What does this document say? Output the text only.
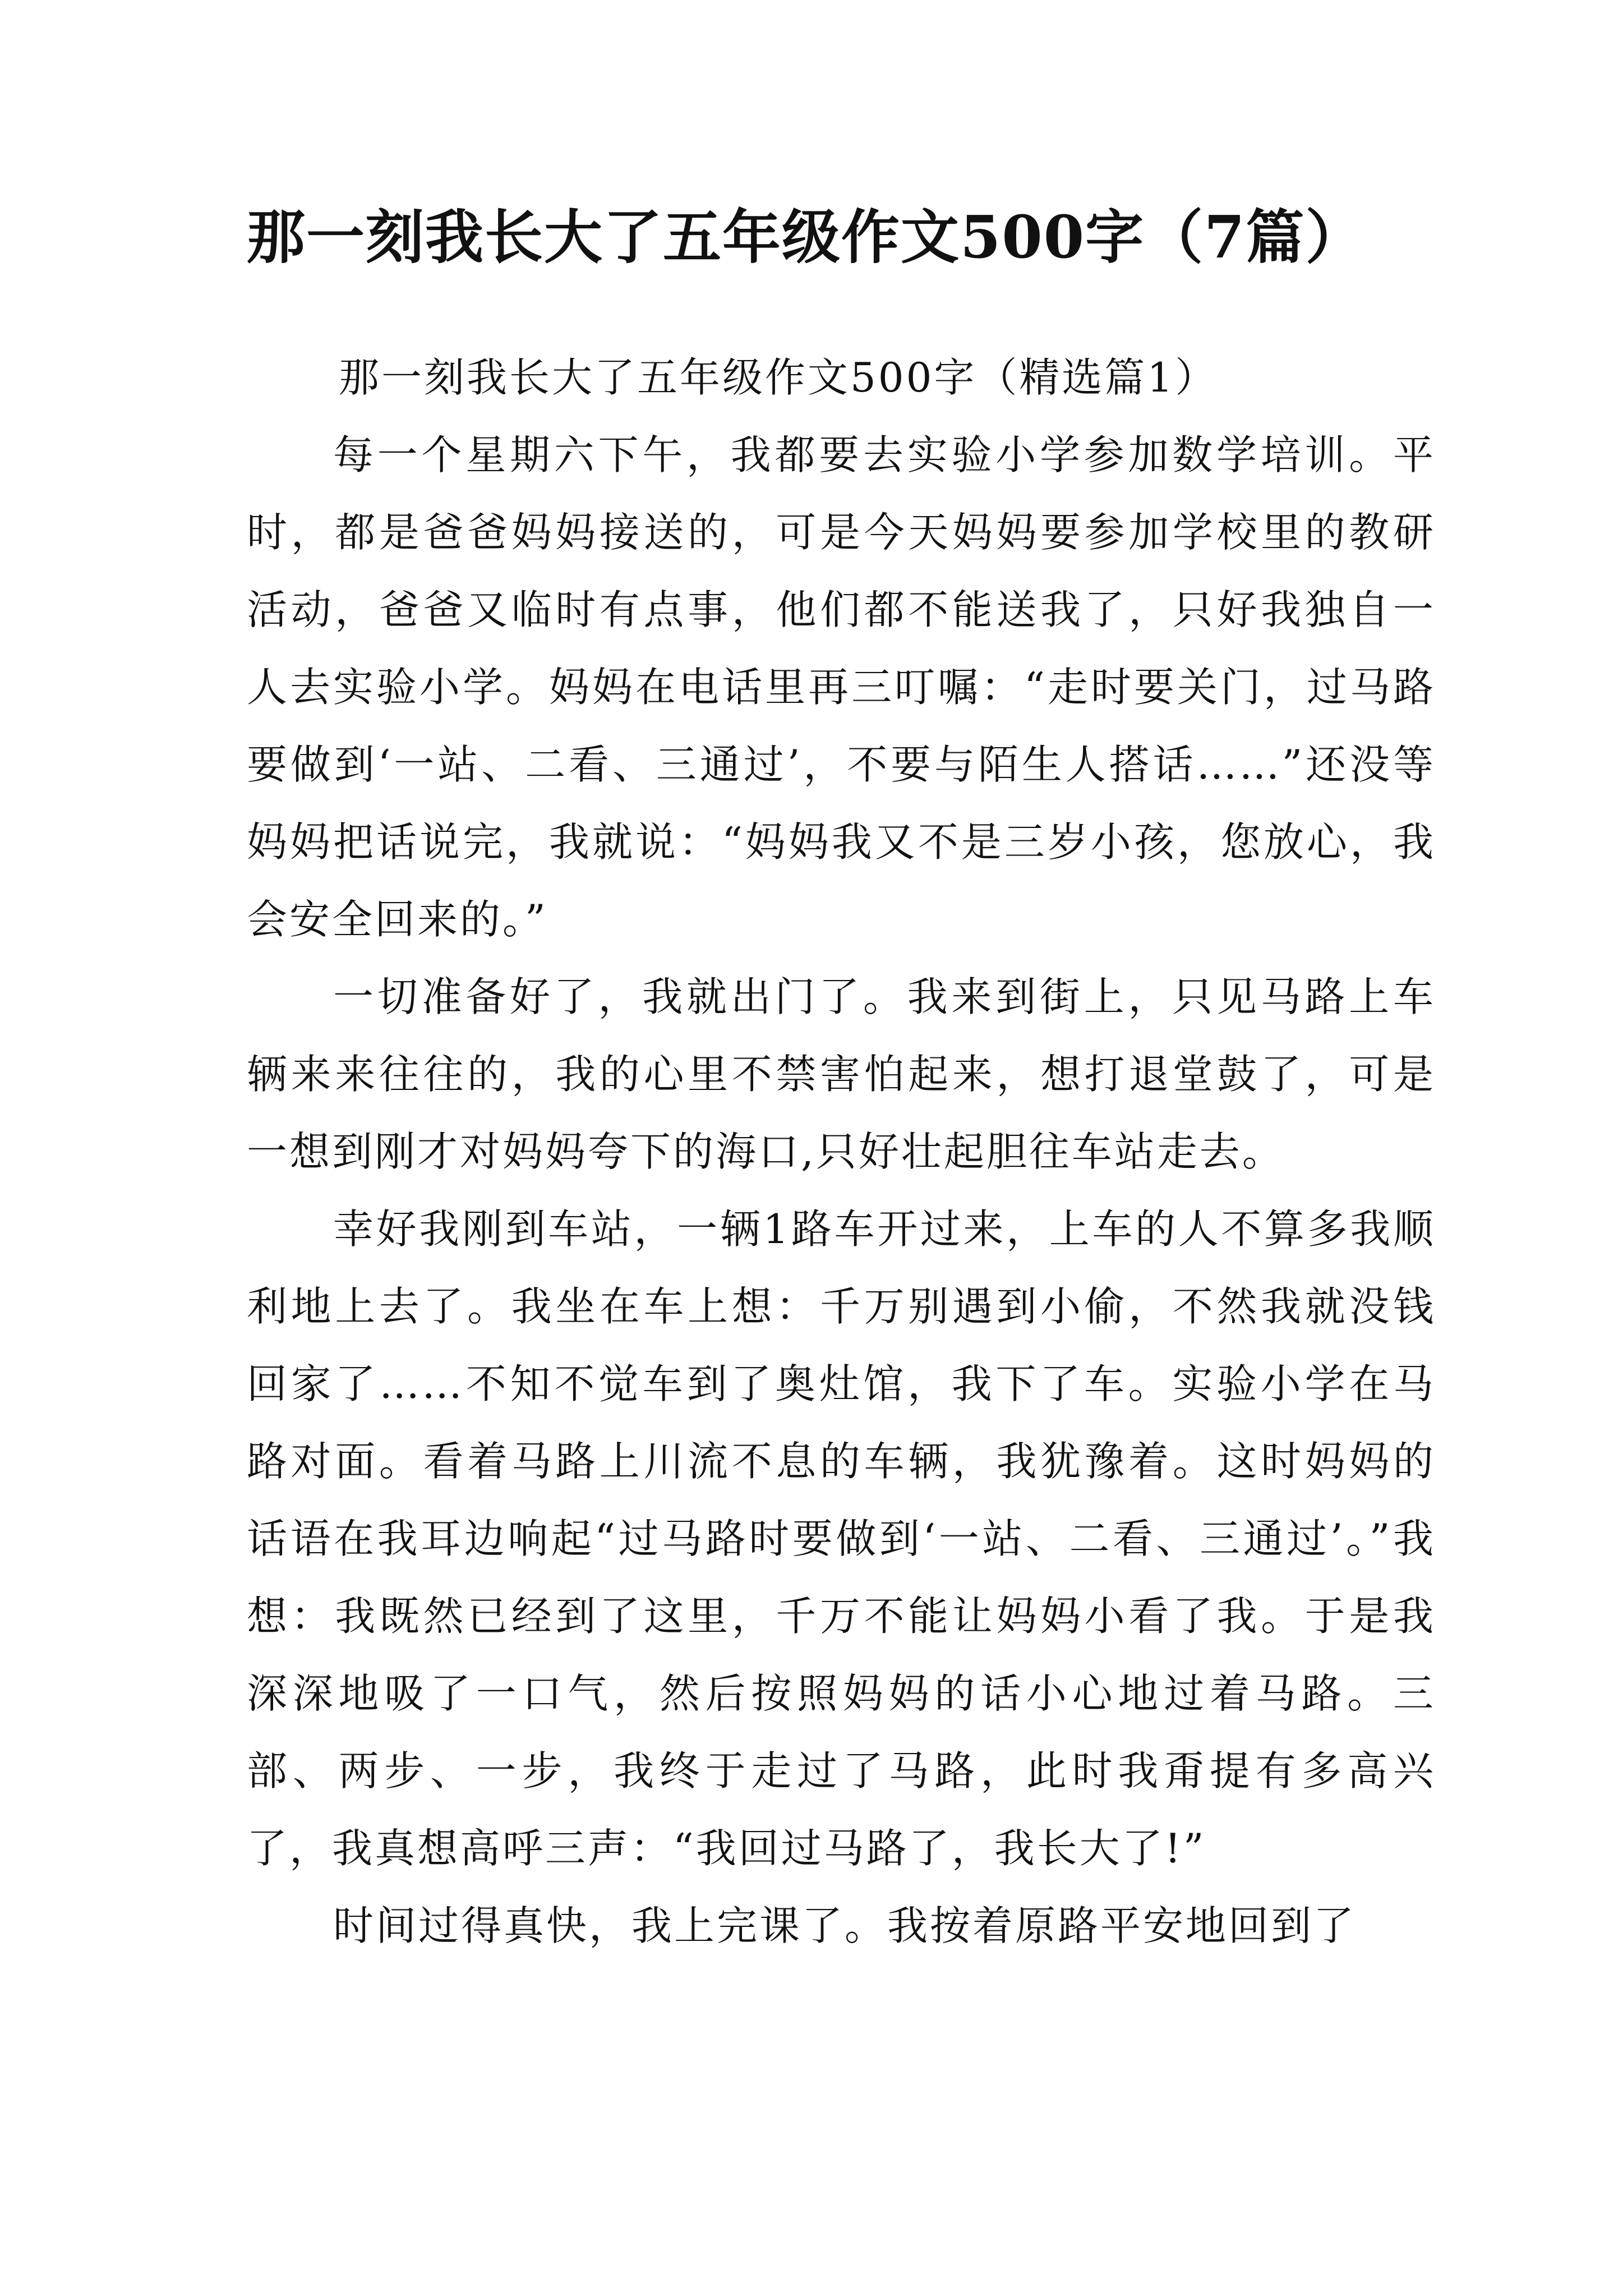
那一刻我长大了五年级作文500字（7篇）

那一刻我长大了五年级作文500字（精选篇1）

每一个星期六下午，我都要去实验小学参加数学培训。平时，都是爸爸妈妈接送的，可是今天妈妈要参加学校里的教研活动，爸爸又临时有点事，他们都不能送我了，只好我独自一人去实验小学。妈妈在电话里再三叮嘱：“走时要关门，过马路要做到‘一站、二看、三通过’，不要与陌生人搭话……”还没等妈妈把话说完，我就说：“妈妈我又不是三岁小孩，您放心，我会安全回来的。”

一切准备好了，我就出门了。我来到街上，只见马路上车辆来来往往的，我的心里不禁害怕起来，想打退堂鼓了，可是一想到刚才对妈妈夸下的海口,只好壮起胆往车站走去。

幸好我刚到车站，一辆1路车开过来，上车的人不算多我顺利地上去了。我坐在车上想：千万别遇到小偷，不然我就没钱回家了……不知不觉车到了奥灶馆，我下了车。实验小学在马路对面。看着马路上川流不息的车辆，我犹豫着。这时妈妈的话语在我耳边响起“过马路时要做到‘一站、二看、三通过’。”我想：我既然已经到了这里，千万不能让妈妈小看了我。于是我深深地吸了一口气，然后按照妈妈的话小心地过着马路。三部、两步、一步，我终于走过了马路，此时我甭提有多高兴了，我真想高呼三声：“我回过马路了，我长大了!”

时间过得真快，我上完课了。我按着原路平安地回到了
